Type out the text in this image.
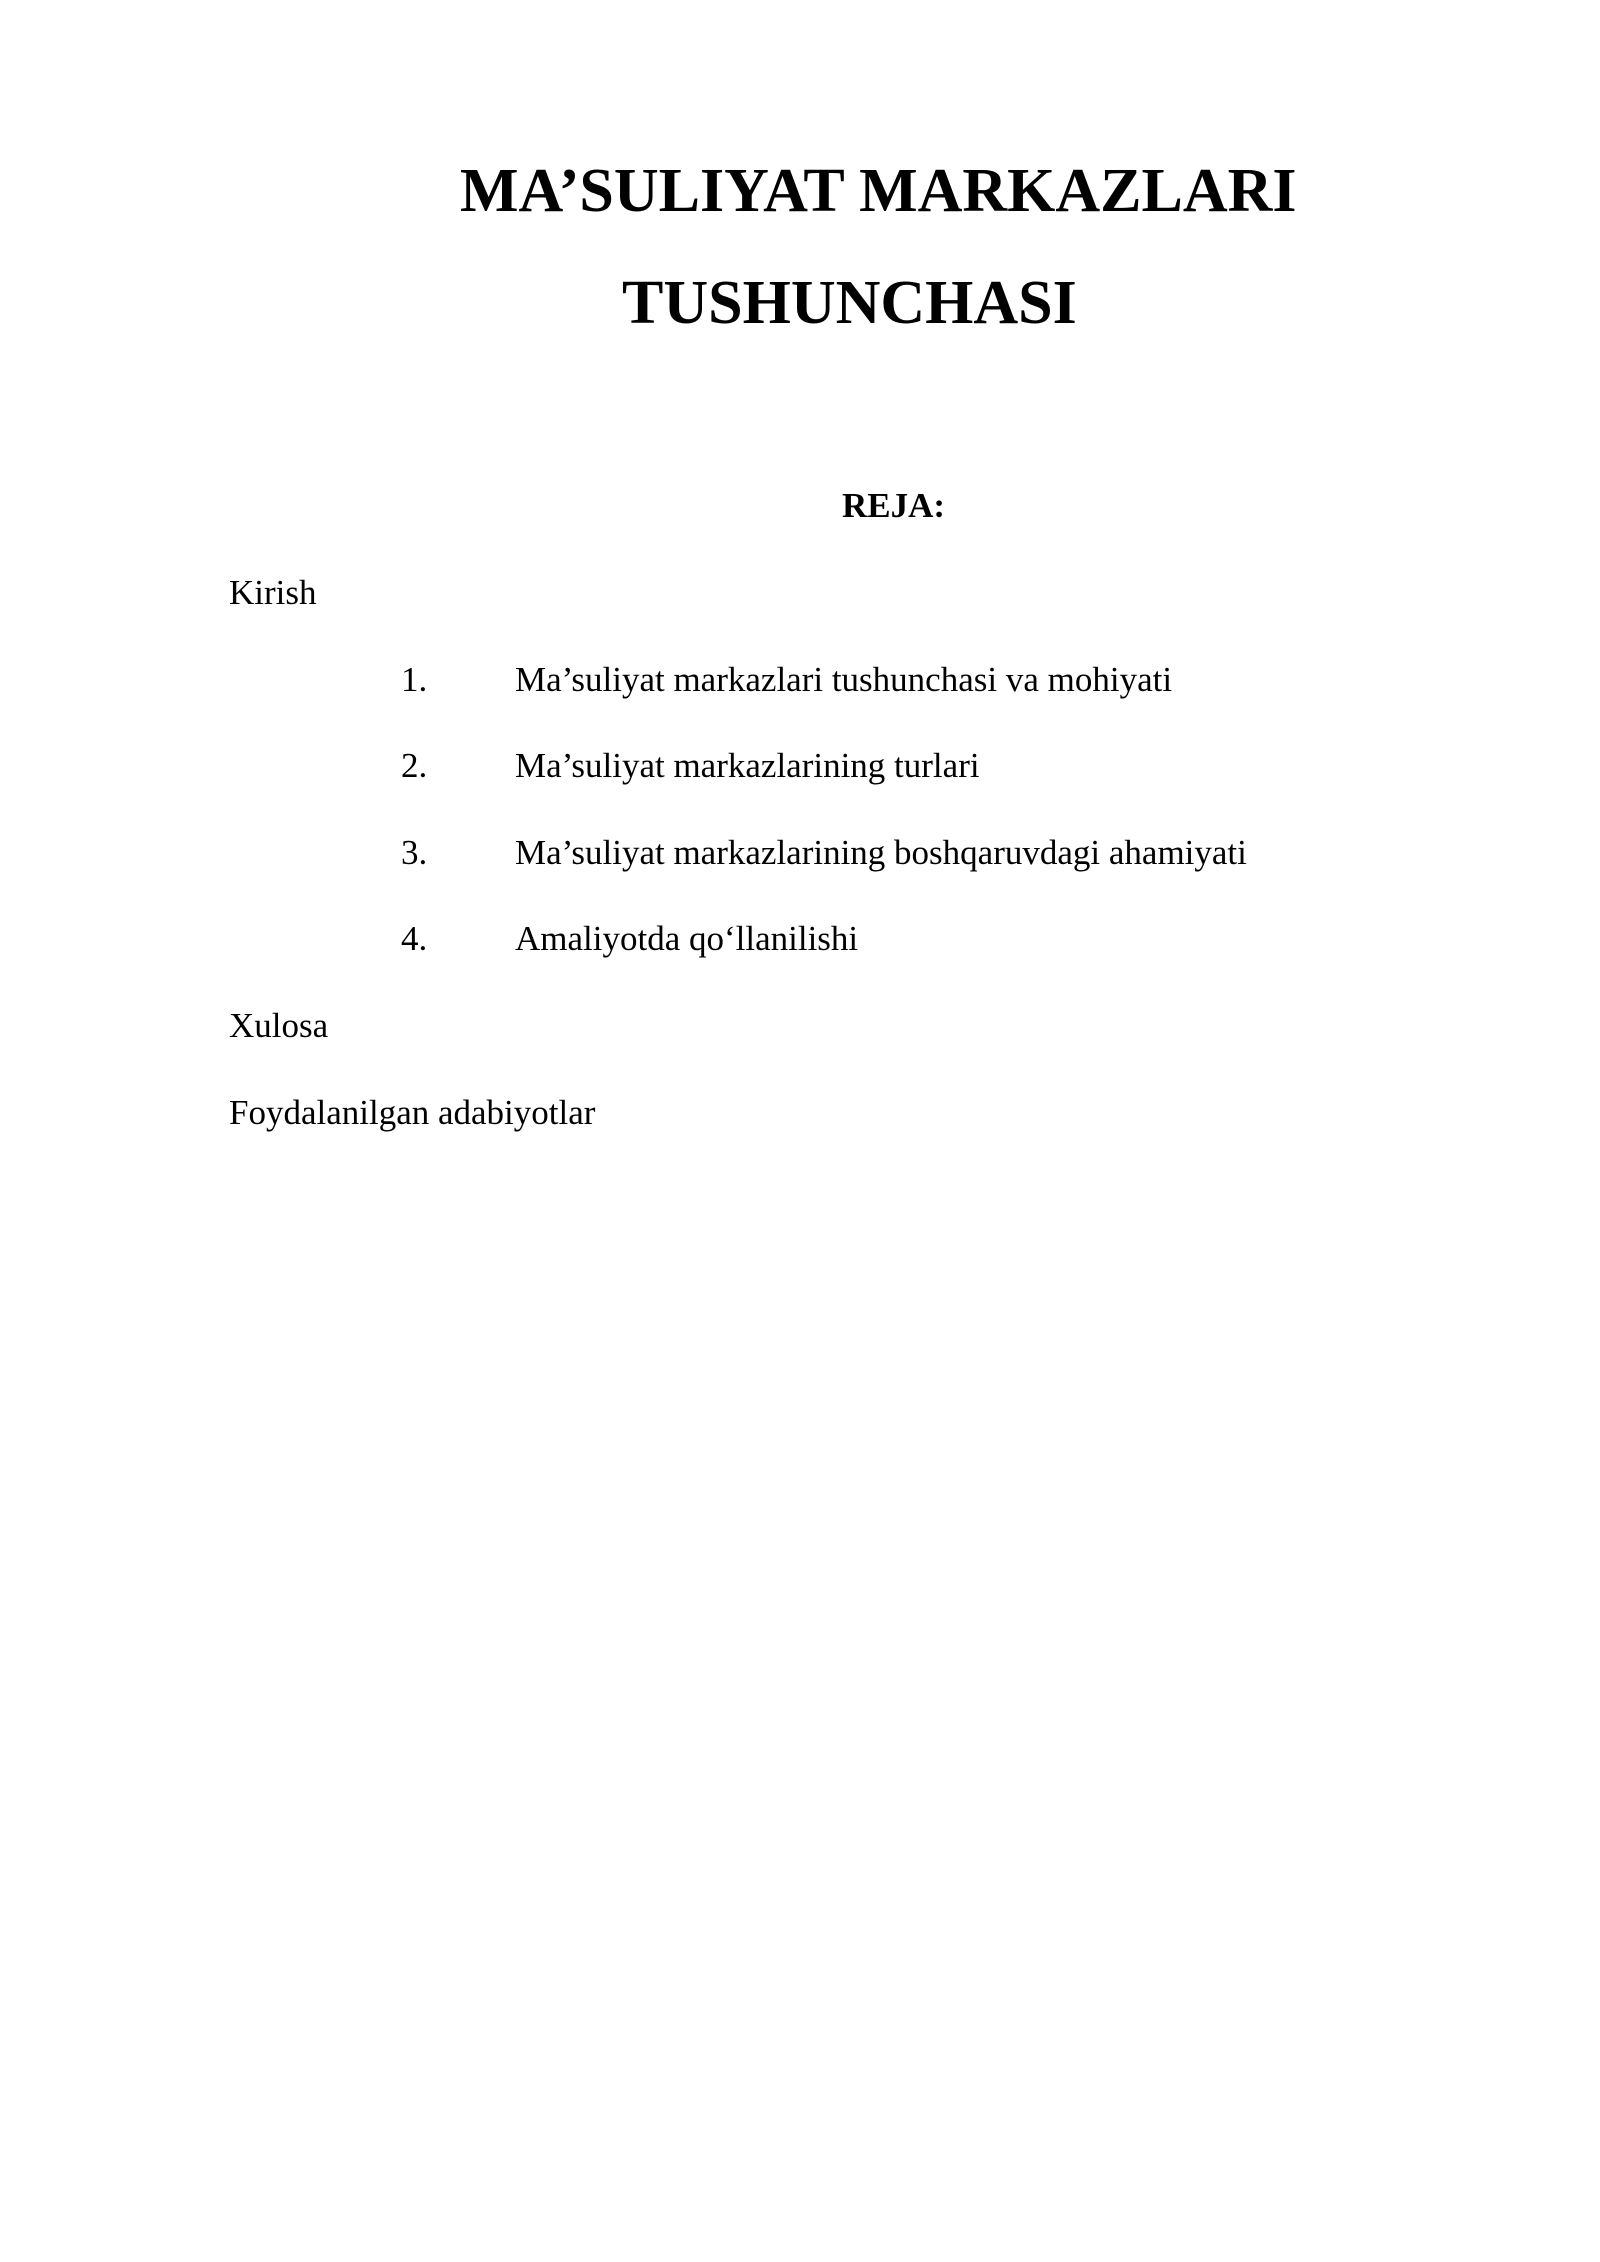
MA’SULIYAT MARKAZLARI
TUSHUNCHASI
REJA:
Kirish
1.	Ma’suliyat markazlari tushunchasi va mohiyati
2.	Ma’suliyat markazlarining turlari
3.	Ma’suliyat markazlarining boshqaruvdagi ahamiyati
4.	Amaliyotda qo‘llanilishi
Xulosa
Foydalanilgan adabiyotlar
